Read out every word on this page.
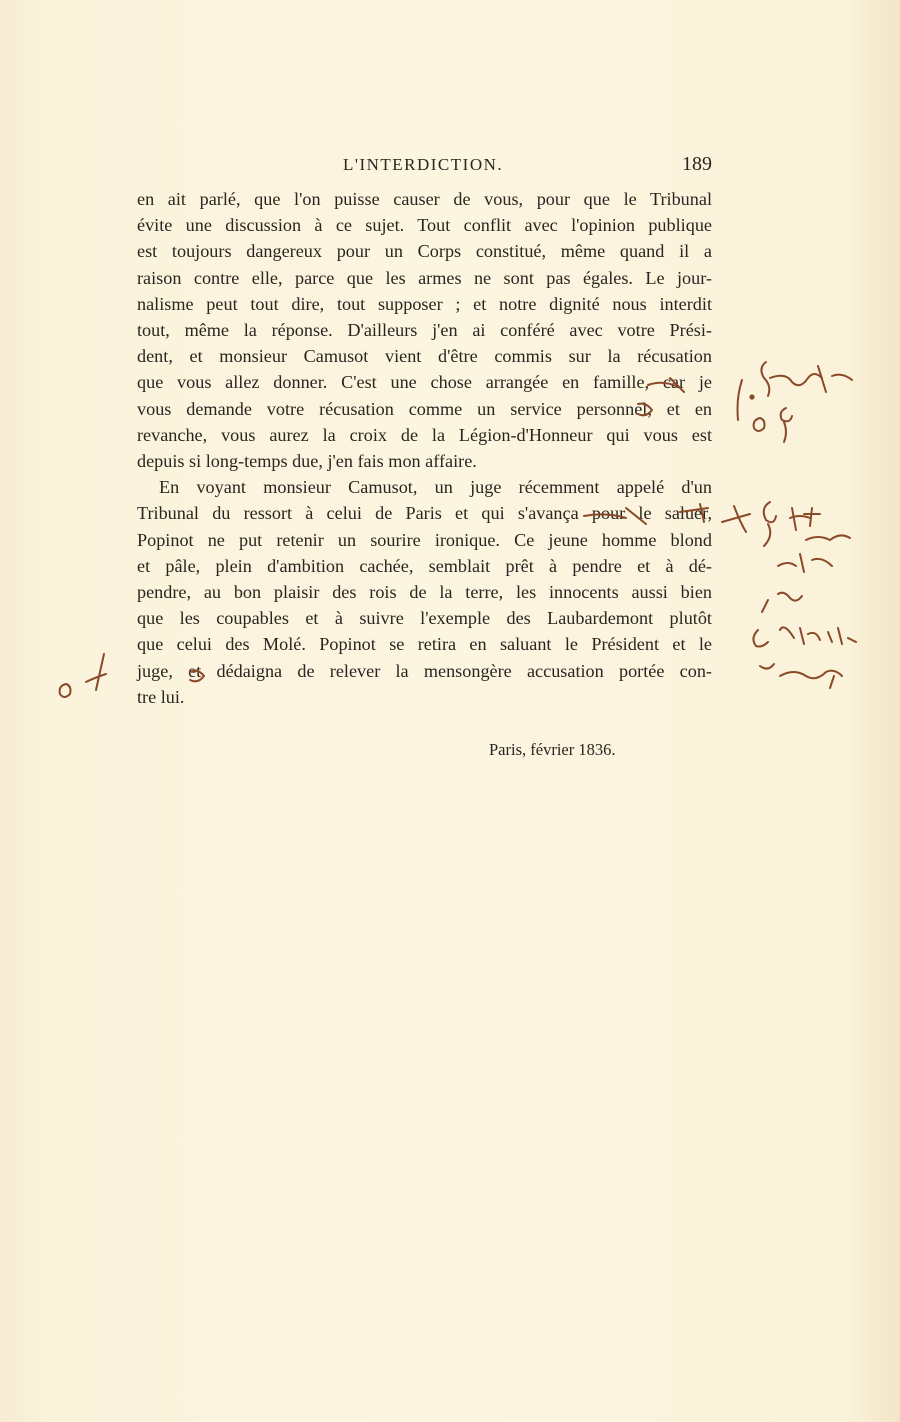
L'INTERDICTION.	189

en ait parlé, que l'on puisse causer de vous, pour que le Tribunal
évite une discussion à ce sujet. Tout conflit avec l'opinion publique
est toujours dangereux pour un Corps constitué, même quand il a
raison contre elle, parce que les armes ne sont pas égales. Le jour-
nalisme peut tout dire, tout supposer ; et notre dignité nous interdit
tout, même la réponse. D'ailleurs j'en ai conféré avec votre Prési-
dent, et monsieur Camusot vient d'être commis sur la récusation
que vous allez donner. C'est une chose arrangée en famille, car je
vous demande votre récusation comme un service personnel, et en
revanche, vous aurez la croix de la Légion-d'Honneur qui vous est
depuis si long-temps due, j'en fais mon affaire.

En voyant monsieur Camusot, un juge récemment appelé d'un
Tribunal du ressort à celui de Paris et qui s'avança pour le saluer,
Popinot ne put retenir un sourire ironique. Ce jeune homme blond
et pâle, plein d'ambition cachée, semblait prêt à pendre et à dé-
pendre, au bon plaisir des rois de la terre, les innocents aussi bien
que les coupables et à suivre l'exemple des Laubardemont plutôt
que celui des Molé. Popinot se retira en saluant le Président et le
juge, et dédaigna de relever la mensongère accusation portée con-
tre lui.

Paris, février 1836.
